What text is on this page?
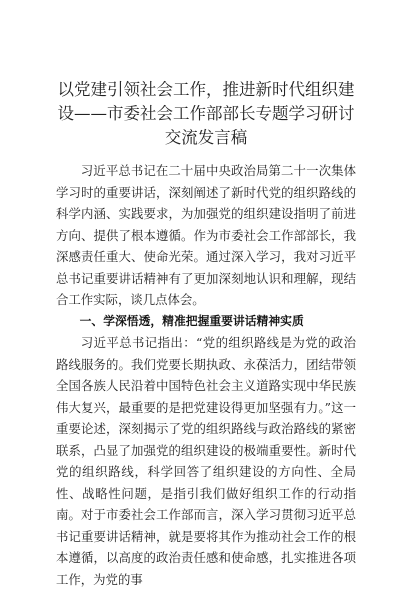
以党建引领社会工作，推进新时代组织建设——市委社会工作部部长专题学习研讨交流发言稿

习近平总书记在二十届中央政治局第二十一次集体学习时的重要讲话，深刻阐述了新时代党的组织路线的科学内涵、实践要求，为加强党的组织建设指明了前进方向、提供了根本遵循。作为市委社会工作部部长，我深感责任重大、使命光荣。通过深入学习，我对习近平总书记重要讲话精神有了更加深刻地认识和理解，现结合工作实际，谈几点体会。

一、学深悟透，精准把握重要讲话精神实质

习近平总书记指出：“党的组织路线是为党的政治路线服务的。我们党要长期执政、永葆活力，团结带领全国各族人民沿着中国特色社会主义道路实现中华民族伟大复兴，最重要的是把党建设得更加坚强有力。”这一重要论述，深刻揭示了党的组织路线与政治路线的紧密联系，凸显了加强党的组织建设的极端重要性。新时代党的组织路线，科学回答了组织建设的方向性、全局性、战略性问题，是指引我们做好组织工作的行动指南。对于市委社会工作部而言，深入学习贯彻习近平总书记重要讲话精神，就是要将其作为推动社会工作的根本遵循，以高度的政治责任感和使命感，扎实推进各项工作，为党的事
